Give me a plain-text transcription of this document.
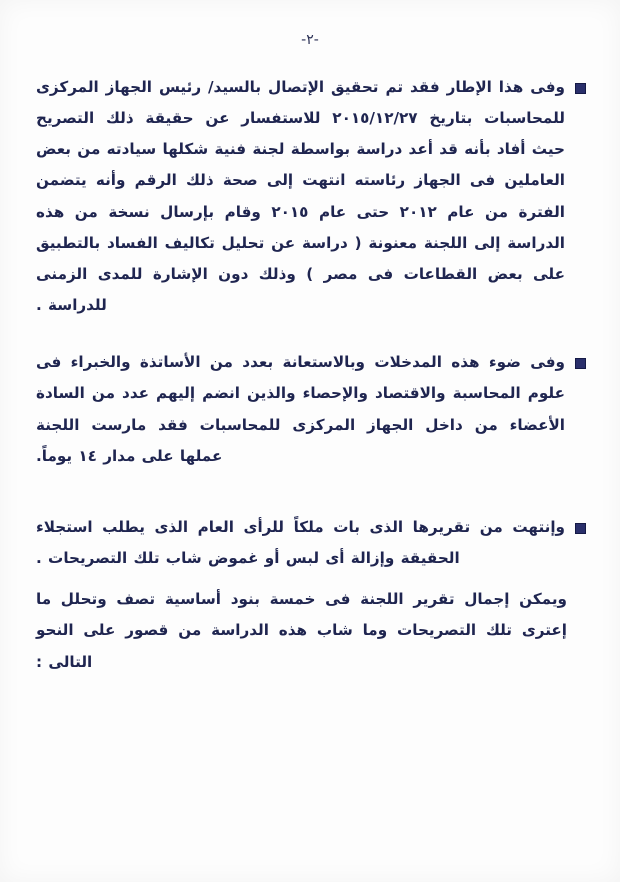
-٢-
وفى هذا الإطار فقد تم تحقيق الإتصال بالسيد/ رئيس الجهاز المركزى للمحاسبات بتاريخ ٢٠١٥/١٢/٢٧ للاستفسار عن حقيقة ذلك التصريح حيث أفاد بأنه قد أعد دراسة بواسطة لجنة فنية شكلها سيادته من بعض العاملين فى الجهاز رئاسته انتهت إلى صحة ذلك الرقم وأنه يتضمن الفترة من عام ٢٠١٢ حتى عام ٢٠١٥ وقام بإرسال نسخة من هذه الدراسة إلى اللجنة معنونة ( دراسة عن تحليل تكاليف الفساد بالتطبيق على بعض القطاعات فى مصر ) وذلك دون الإشارة للمدى الزمنى للدراسة .
وفى ضوء هذه المدخلات وبالاستعانة بعدد من الأساتذة والخبراء فى علوم المحاسبة والاقتصاد والإحصاء والذين انضم إليهم عدد من السادة الأعضاء من داخل الجهاز المركزى للمحاسبات فقد مارست اللجنة عملها على مدار ١٤ يوماً.
وإنتهت من تقريرها الذى بات ملكاً للرأى العام الذى يطلب استجلاء الحقيقة وإزالة أى لبس أو غموض شاب تلك التصريحات .
ويمكن إجمال تقرير اللجنة فى خمسة بنود أساسية تصف وتحلل ما إعترى تلك التصريحات وما شاب هذه الدراسة من قصور على النحو التالى :
